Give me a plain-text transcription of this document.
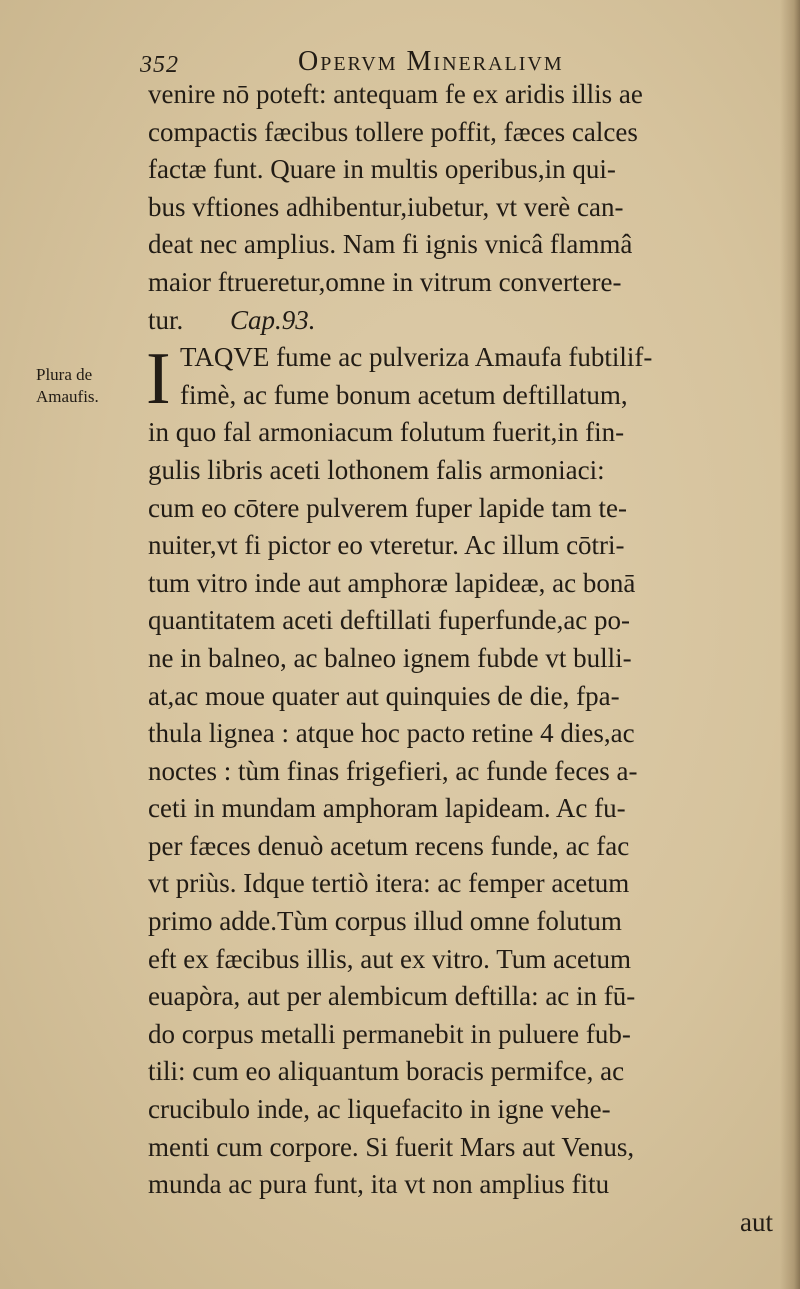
352	Opervm Mineralivm
Plura de
Amaufis. I
venire nō poteft: antequam fe ex aridis illis ae
compactis fæcibus tollere poffit, fæces calces
factæ funt. Quare in multis operibus,in qui-
bus vftiones adhibentur,iubetur, vt verè can-
deat nec amplius. Nam fi ignis vnicâ flammâ
maior ftrueretur,omne in vitrum convertere-
tur. Cap.93.
TAQVE fume ac pulveriza Amaufa fubtilif-
fimè, ac fume bonum acetum deftillatum,
in quo fal armoniacum folutum fuerit,in fin-
gulis libris aceti lothonem falis armoniaci:
cum eo cōtere pulverem fuper lapide tam te-
nuiter,vt fi pictor eo vteretur. Ac illum cōtri-
tum vitro inde aut amphoræ lapideæ, ac bonā
quantitatem aceti deftillati fuperfunde,ac po-
ne in balneo, ac balneo ignem fubde vt bulli-
at,ac moue quater aut quinquies de die, fpa-
thula lignea : atque hoc pacto retine 4 dies,ac
noctes : tùm finas frigefieri, ac funde feces a-
ceti in mundam amphoram lapideam. Ac fu-
per fæces denuò acetum recens funde, ac fac
vt priùs. Idque tertiò itera: ac femper acetum
primo adde.Tùm corpus illud omne folutum
eft ex fæcibus illis, aut ex vitro. Tum acetum
euapòra, aut per alembicum deftilla: ac in fū-
do corpus metalli permanebit in puluere fub-
tili: cum eo aliquantum boracis permifce, ac
crucibulo inde, ac liquefacito in igne vehe-
menti cum corpore. Si fuerit Mars aut Venus,
munda ac pura funt, ita vt non amplius fitu
aut
